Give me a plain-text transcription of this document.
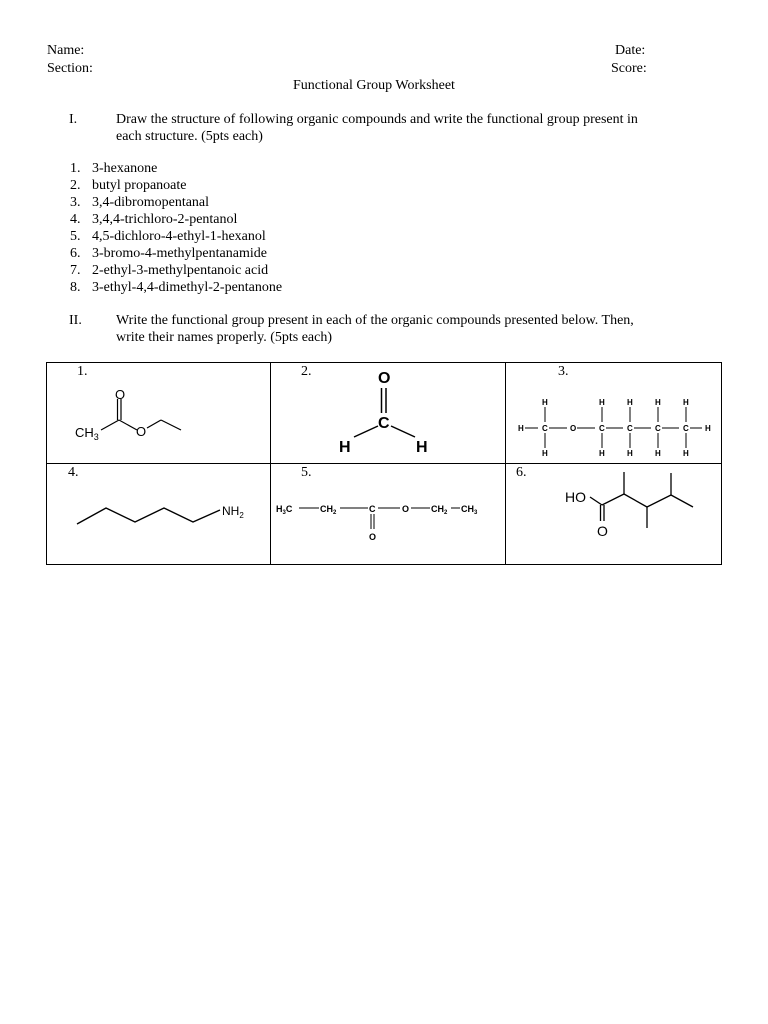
Name:
Section:
Date:
Score:
Functional Group Worksheet
I.	Draw the structure of following organic compounds and write the functional group present in
each structure. (5pts each)
1. 3-hexanone
2. butyl propanoate
3. 3,4-dibromopentanal
4. 3,4,4-trichloro-2-pentanol
5. 4,5-dichloro-4-ethyl-1-hexanol
6. 3-bromo-4-methylpentanamide
7. 2-ethyl-3-methylpentanoic acid
8. 3-ethyl-4,4-dimethyl-2-pentanone
II. Write the functional group present in each of the organic compounds presented below. Then,
write their names properly. (5pts each)
1.	2.	3.
4.	5.	6.
$CH_3$
O
O
O
C
H	H
H C	O	C	C	C	C H
H
H
H
H
H
H
H
H
H
H
$NH_2$
$H_3C$	$CH_2$	C	O $CH_2$ $CH_3$
O
HO
O
